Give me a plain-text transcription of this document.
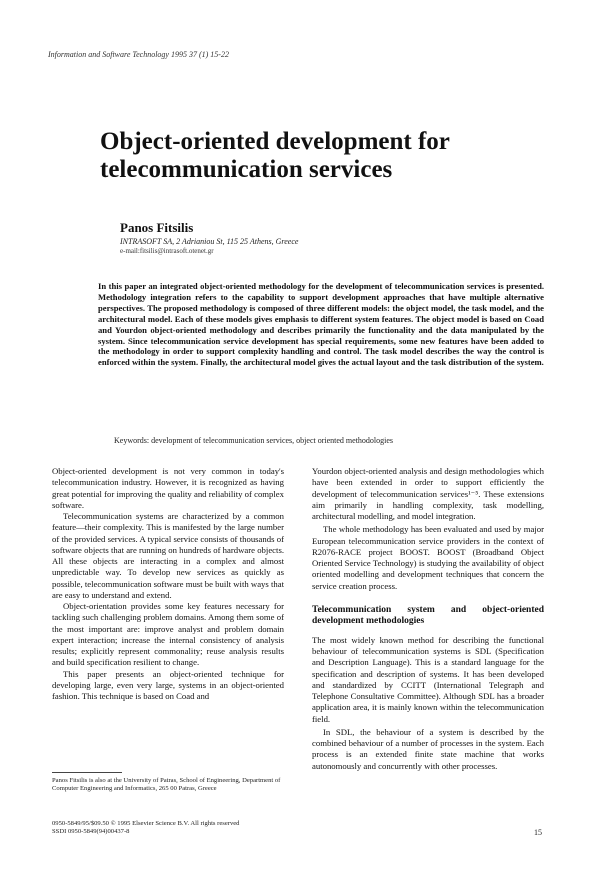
Information and Software Technology 1995 37 (1) 15-22
Object-oriented development for telecommunication services
Panos Fitsilis
INTRASOFT SA, 2 Adrianiou St, 115 25 Athens, Greece
e-mail:fitsilis@intrasoft.otenet.gr

In this paper an integrated object-oriented methodology for the development of telecommunication services is presented. Methodology integration refers to the capability to support development approaches that have multiple alternative perspectives. The proposed methodology is composed of three different models: the object model, the task model, and the architectural model. Each of these models gives emphasis to different system features. The object model is based on Coad and Yourdon object-oriented methodology and describes primarily the functionality and the data manipulated by the system. Since telecommunication service development has special requirements, some new features have been added to the methodology in order to support complexity handling and control. The task model describes the way the control is enforced within the system. Finally, the architectural model gives the actual layout and the task distribution of the system.

Keywords: development of telecommunication services, object oriented methodologies

Object-oriented development is not very common in today's telecommunication industry. However, it is recognized as having great potential for improving the quality and reliability of complex software.

Telecommunication systems are characterized by a common feature—their complexity. This is manifested by the large number of the provided services. A typical service consists of thousands of software objects that are running on hundreds of hardware objects. All these objects are interacting in a complex and almost unpredictable way. To develop new services as quickly as possible, telecommunication software must be built with ways that are easy to understand and extend.

Object-orientation provides some key features necessary for tackling such challenging problem domains. Among them some of the most important are: improve analyst and problem domain expert interaction; increase the internal consistency of analysis results; explicitly represent commonality; reuse analysis results and build specification resilient to change.

This paper presents an object-oriented technique for developing large, even very large, systems in an object-oriented fashion. This technique is based on Coad and

Yourdon object-oriented analysis and design methodologies which have been extended in order to support efficiently the development of telecommunication services¹⁻⁵. These extensions aim primarily in handling complexity, task modelling, architectural modelling, and model integration.

The whole methodology has been evaluated and used by major European telecommunication service providers in the context of R2076-RACE project BOOST. BOOST (Broadband Object Oriented Service Technology) is studying the availability of object oriented modelling and development techniques that concern the service creation process.

Telecommunication system and object-oriented development methodologies

The most widely known method for describing the functional behaviour of telecommunication systems is SDL (Specification and Description Language). This is a standard language for the specification and description of systems. It has been developed and standardized by CCITT (International Telegraph and Telephone Consultative Committee). Although SDL has a broader application area, it is mainly known within the telecommunication field.

In SDL, the behaviour of a system is described by the combined behaviour of a number of processes in the system. Each process is an extended finite state machine that works autonomously and concurrently with other processes.

Panos Fitsilis is also at the University of Patras, School of Engineering, Department of Computer Engineering and Informatics, 265 00 Patras, Greece

0950-5849/95/$09.50 © 1995 Elsevier Science B.V. All rights reserved
SSDI 0950-5849(94)00437-8	15
